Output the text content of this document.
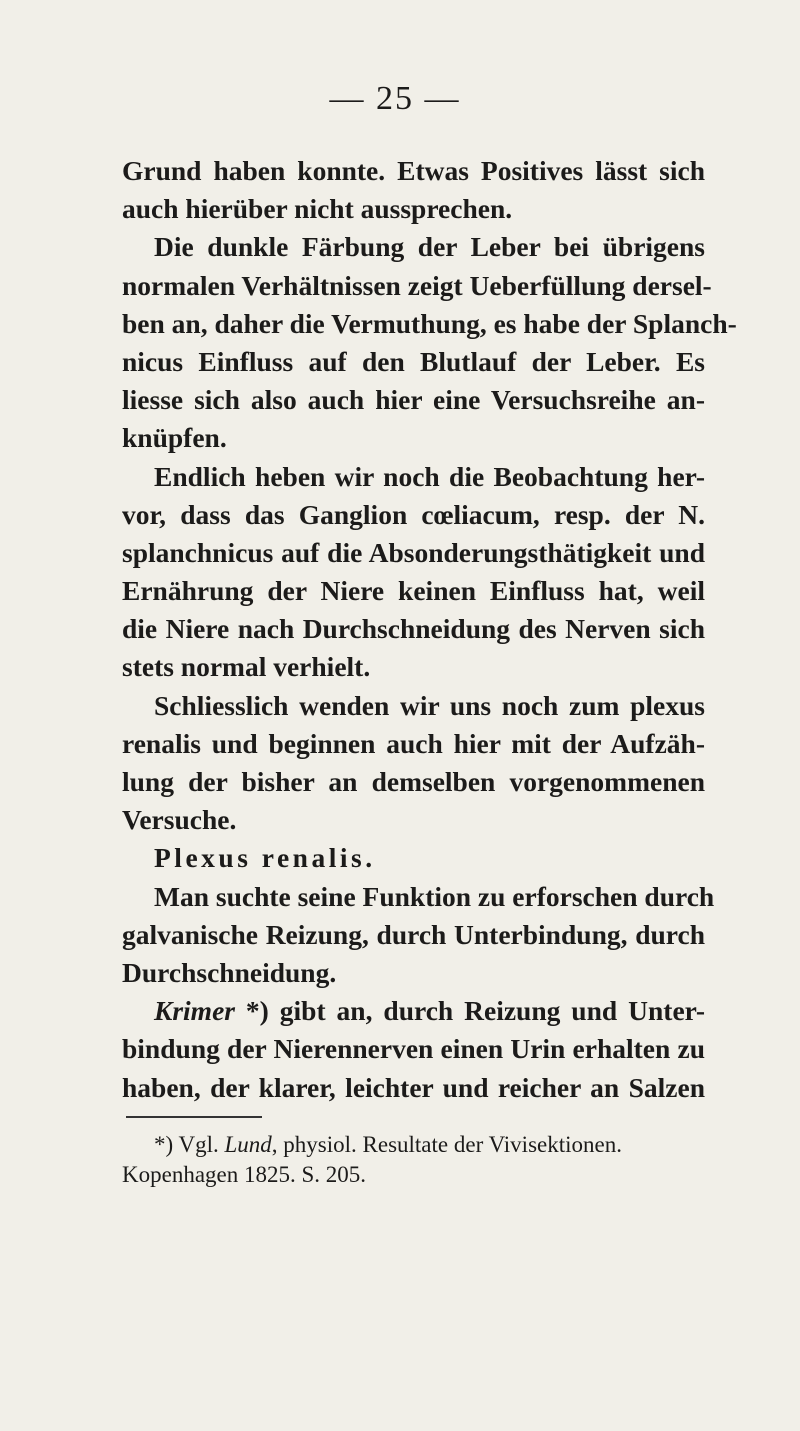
— 25 —
Grund haben konnte. Etwas Positives lässt sich
auch hierüber nicht aussprechen.
Die dunkle Färbung der Leber bei übrigens
normalen Verhältnissen zeigt Ueberfüllung dersel-
ben an, daher die Vermuthung, es habe der Splanch-
nicus Einfluss auf den Blutlauf der Leber. Es
liesse sich also auch hier eine Versuchsreihe an-
knüpfen.
Endlich heben wir noch die Beobachtung her-
vor, dass das Ganglion cœliacum, resp. der N.
splanchnicus auf die Absonderungsthätigkeit und
Ernährung der Niere keinen Einfluss hat, weil
die Niere nach Durchschneidung des Nerven sich
stets normal verhielt.
Schliesslich wenden wir uns noch zum plexus
renalis und beginnen auch hier mit der Aufzäh-
lung der bisher an demselben vorgenommenen
Versuche.
Plexus renalis.
Man suchte seine Funktion zu erforschen durch
galvanische Reizung, durch Unterbindung, durch
Durchschneidung.
Krimer *) gibt an, durch Reizung und Unter-
bindung der Nierennerven einen Urin erhalten zu
haben, der klarer, leichter und reicher an Salzen
*) Vgl. Lund, physiol. Resultate der Vivisektionen.
Kopenhagen 1825. S. 205.
